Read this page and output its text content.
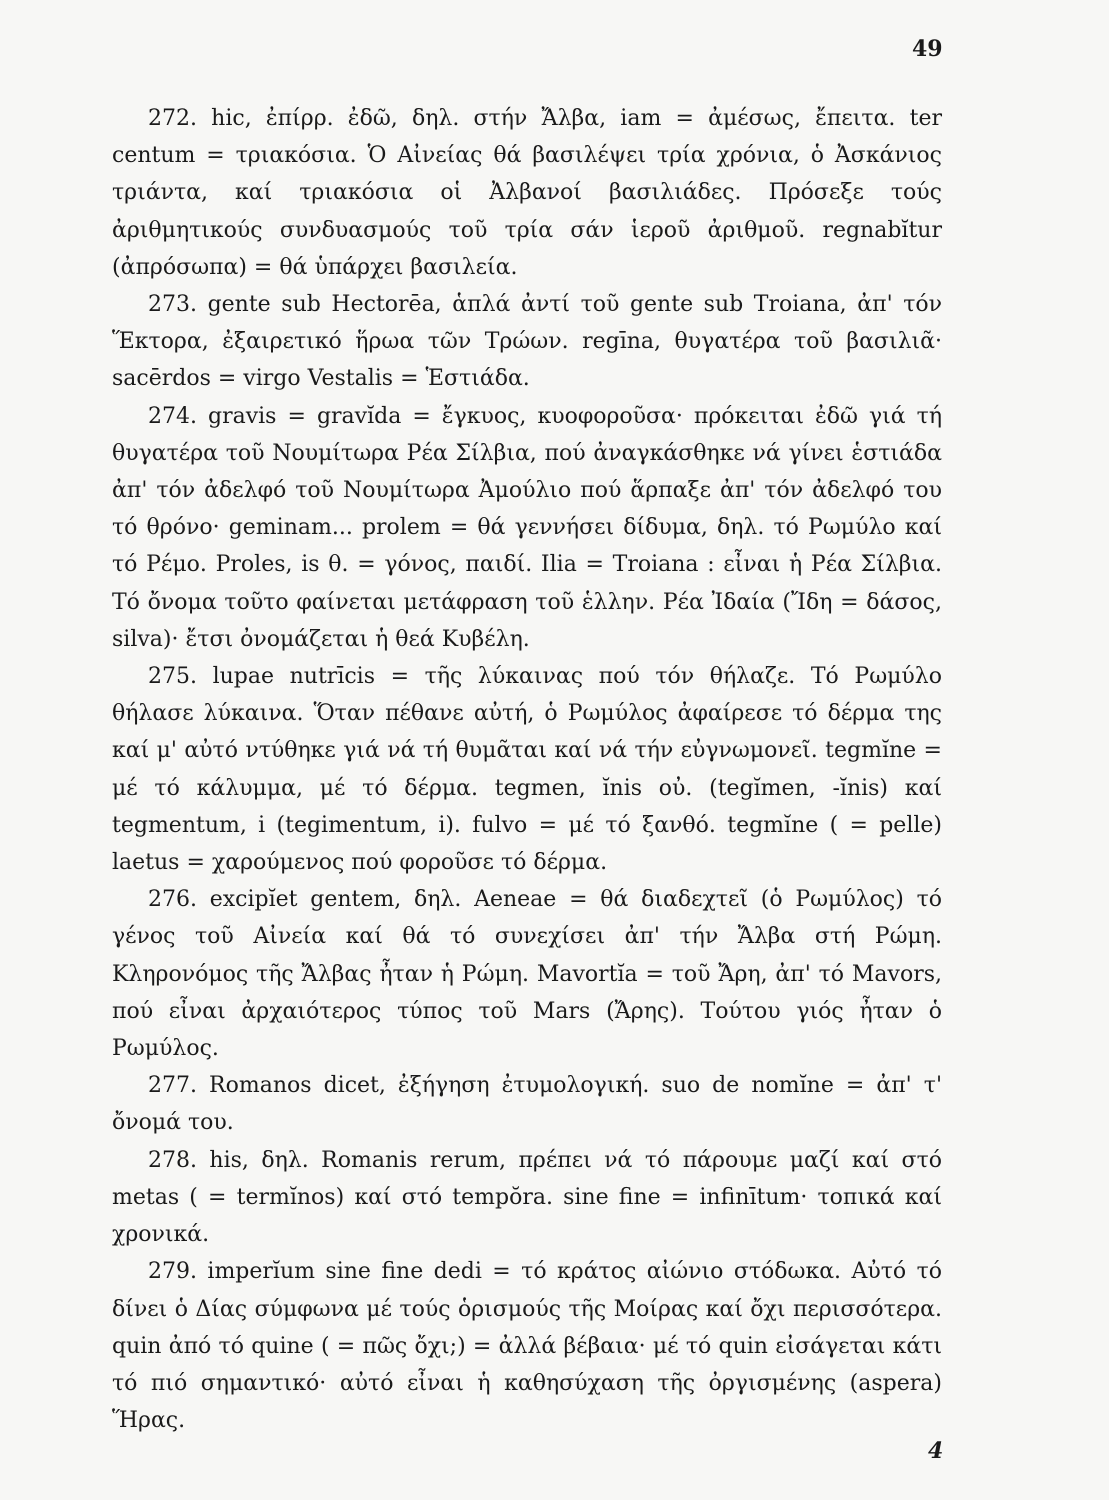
49

272. hic, ἐπίρρ. ἐδῶ, δηλ. στήν Ἄλβα, iam = ἀμέσως, ἔπειτα. ter centum = τριακόσια. Ὁ Αἰνείας θά βασιλέψει τρία χρόνια, ὁ Ἀσκάνιος τριάντα, καί τριακόσια οἱ Ἀλβανοί βασιλιάδες. Πρόσεξε τούς ἀριθμητικούς συνδυασμούς τοῦ τρία σάν ἱεροῦ ἀριθμοῦ. regnabĭtur (ἀπρόσωπα) = θά ὑπάρχει βασιλεία.

273. gente sub Hectorēa, ἁπλά ἀντί τοῦ gente sub Troiana, ἀπ' τόν Ἕκτορα, ἐξαιρετικό ἥρωα τῶν Τρώων. regīna, θυγατέρα τοῦ βασιλιᾶ· sacērdos = virgo Vestalis = Ἑστιάδα.

274. gravis = gravĭda = ἔγκυος, κυοφοροῦσα· πρόκειται ἐδῶ γιά τή θυγατέρα τοῦ Νουμίτωρα Ρέα Σίλβια, πού ἀναγκάσθηκε νά γίνει ἑστιάδα ἀπ' τόν ἀδελφό τοῦ Νουμίτωρα Ἀμούλιο πού ἅρπαξε ἀπ' τόν ἀδελφό του τό θρόνο· geminam... prolem = θά γεννήσει δίδυμα, δηλ. τό Ρωμύλο καί τό Ρέμο. Proles, is θ. = γόνος, παιδί. Ilia = Troiana : εἶναι ἡ Ρέα Σίλβια. Τό ὄνομα τοῦτο φαίνεται μετάφραση τοῦ ἑλλην. Ρέα Ἰδαία (Ἴδη = δάσος, silva)· ἔτσι ὀνομάζεται ἡ θεά Κυβέλη.

275. lupae nutrīcis = τῆς λύκαινας πού τόν θήλαζε. Τό Ρωμύλο θήλασε λύκαινα. Ὅταν πέθανε αὐτή, ὁ Ρωμύλος ἀφαίρεσε τό δέρμα της καί μ' αὐτό ντύθηκε γιά νά τή θυμᾶται καί νά τήν εὐγνωμονεῖ. tegmĭne = μέ τό κάλυμμα, μέ τό δέρμα. tegmen, ĭnis οὐ. (tegĭmen, -ĭnis) καί tegmentum, i (tegimentum, i). fulvo = μέ τό ξανθό. tegmĭne ( = pelle) laetus = χαρούμενος πού φοροῦσε τό δέρμα.

276. excipĭet gentem, δηλ. Aeneae = θά διαδεχτεῖ (ὁ Ρωμύλος) τό γένος τοῦ Αἰνεία καί θά τό συνεχίσει ἀπ' τήν Ἄλβα στή Ρώμη. Κληρονόμος τῆς Ἄλβας ἦταν ἡ Ρώμη. Mavortĭa = τοῦ Ἄρη, ἀπ' τό Mavors, πού εἶναι ἀρχαιότερος τύπος τοῦ Mars (Ἄρης). Τούτου γιός ἦταν ὁ Ρωμύλος.

277. Romanos dicet, ἐξήγηση ἐτυμολογική. suo de nomĭne = ἀπ' τ' ὄνομά του.

278. his, δηλ. Romanis rerum, πρέπει νά τό πάρουμε μαζί καί στό metas ( = termĭnos) καί στό tempŏra. sine fine = infinītum· τοπικά καί χρονικά.

279. imperĭum sine fine dedi = τό κράτος αἰώνιο στόδωκα. Αὐτό τό δίνει ὁ Δίας σύμφωνα μέ τούς ὁρισμούς τῆς Μοίρας καί ὄχι περισσότερα. quin ἀπό τό quine ( = πῶς ὄχι;) = ἀλλά βέβαια· μέ τό quin εἰσάγεται κάτι τό πιό σημαντικό· αὐτό εἶναι ἡ καθησύχαση τῆς ὀργισμένης (aspera) Ἥρας.

4
